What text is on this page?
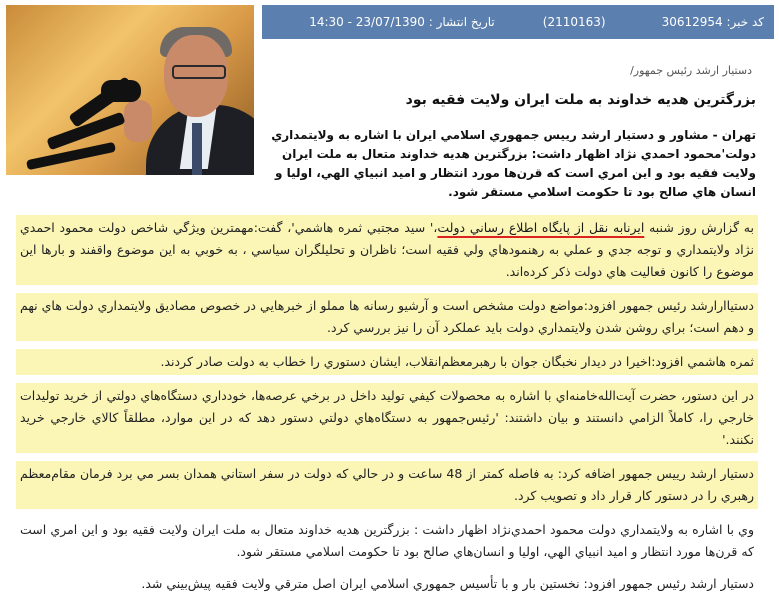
کد خبر: 30612954
(2110163)
تاریخ انتشار : 23/07/1390 - 14:30
دستیار ارشد رئیس جمهور/
بزرگترين هديه خداوند به ملت ايران ولايت فقيه بود
تهران - مشاور و دستيار ارشد رييس جمهوري اسلامي ايران با اشاره به ولايتمداري دولت'محمود احمدي نژاد اظهار داشت: بزرگترين هديه خداوند متعال به ملت ايران ولايت فقيه بود و اين امري است كه قرن‌ها مورد انتظار و اميد انبياي الهي، اوليا و انسان هاي صالح بود تا حكومت اسلامي مستقر شود.
به گزارش روز شنبه ايرنابه نقل از پايگاه اطلاع رساني دولت،' سيد مجتبي ثمره هاشمي'، گفت:مهمترين ويژگي شاخص دولت محمود احمدي نژاد ولايتمداري و توجه جدي و عملي به رهنمودهاي ولي فقيه است؛ ناظران و تحليلگران سياسي ، به خوبي به اين موضوع واقفند و بارها اين موضوع را كانون فعاليت هاي دولت ذكر كرده‌اند.
دستياارارشد رئيس جمهور افزود:مواضع دولت مشخص است و آرشيو رسانه ها مملو از خبرهايي در خصوص مصاديق ولايتمداري دولت هاي نهم و دهم است؛ براي روشن شدن ولايتمداري دولت بايد عملكرد آن را نيز بررسي كرد.
ثمره هاشمي افزود:اخيرا در ديدار نخبگان جوان با رهبرمعظم‌انقلاب، ايشان دستوري را خطاب به دولت صادر كردند.
در اين دستور، حضرت آيت‌الله‌خامنه‌اي با اشاره به محصولات كيفي توليد داخل در برخي عرصه‌ها، خودداري دستگاه‌هاي دولتي از خريد توليدات خارجي را، كاملاً الزامي دانستند و بيان داشتند: 'رئيس‌جمهور به دستگاه‌هاي دولتي دستور دهد كه در اين موارد، مطلقاً كالاي خارجي خريد نكنند.'
دستيار ارشد رييس جمهور اضافه كرد: به فاصله كمتر از 48 ساعت و در حالي كه دولت در سفر استاني همدان بسر مي برد فرمان مقام‌معظم رهبري را در دستور كار قرار داد و تصويب كرد.
وي با اشاره به ولايتمداري دولت محمود احمدي‌نژاد اظهار داشت : بزرگترين هديه خداوند متعال به ملت ايران ولايت فقيه بود و اين امري است كه قرن‌ها مورد انتظار و اميد انبياي الهي، اوليا و انسان‌هاي صالح بود تا حكومت اسلامي مستقر شود.
دستيار ارشد رئيس جمهور افزود: نخستين بار و با تأسيس جمهوري اسلامي ايران اصل مترقي ولايت فقيه پيش‌بيني شد.
